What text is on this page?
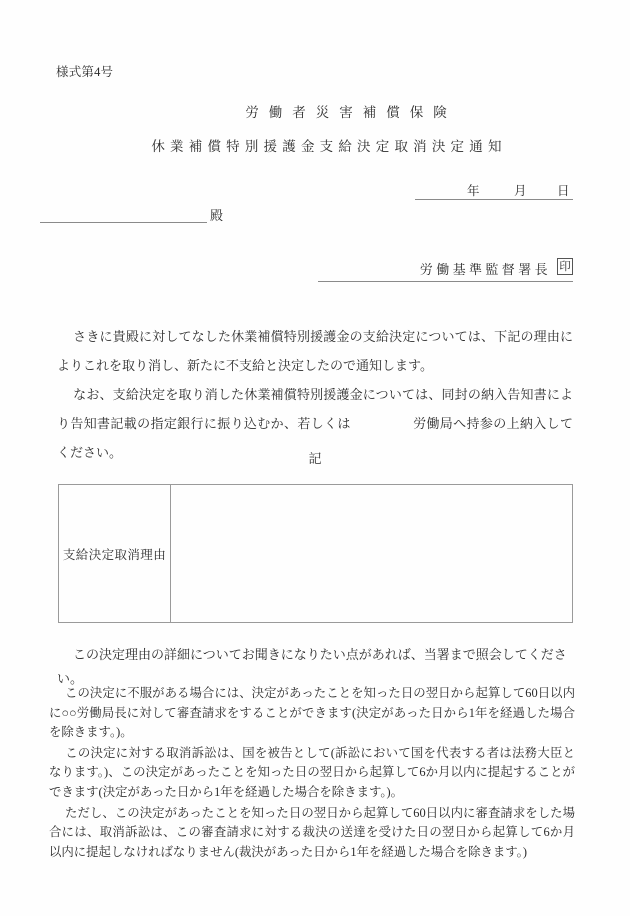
様式第4号
労働者災害補償保険
休業補償特別援護金支給決定取消決定通知
年	月 日
殿
労働基準監督署長 印
さきに貴殿に対してなした休業補償特別援護金の支給決定については、下記の理由によりこれを取り消し、新たに不支給と決定したので通知します。
なお、支給決定を取り消した休業補償特別援護金については、同封の納入告知書により告知書記載の指定銀行に振り込むか、若しくは	労働局へ持参の上納入してください。	記
支給決定取消理由
この決定理由の詳細についてお聞きになりたい点があれば、当署まで照会してください。
この決定に不服がある場合には、決定があったことを知った日の翌日から起算して60日以内に○○労働局長に対して審査請求をすることができます(決定があった日から1年を経過した場合を除きます。)。
この決定に対する取消訴訟は、国を被告として(訴訟において国を代表する者は法務大臣となります。)、この決定があったことを知った日の翌日から起算して6か月以内に提起することができます(決定があった日から1年を経過した場合を除きます。)。
ただし、この決定があったことを知った日の翌日から起算して60日以内に審査請求をした場合には、取消訴訟は、この審査請求に対する裁決の送達を受けた日の翌日から起算して6か月以内に提起しなければなりません(裁決があった日から1年を経過した場合を除きます。)
